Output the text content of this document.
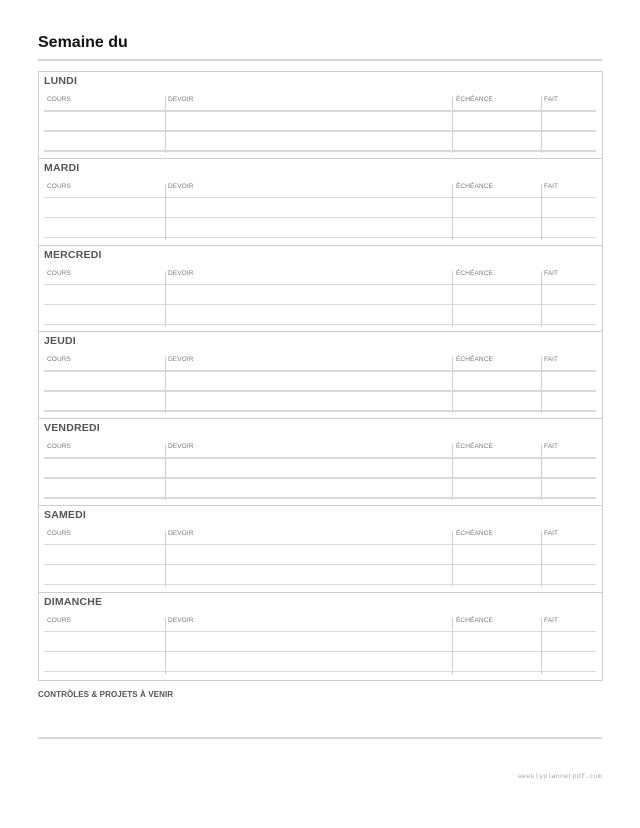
Semaine du
LUNDI
COURS	DEVOIR	ÉCHÉANCE	FAIT
MARDI
COURS	DEVOIR	ÉCHÉANCE	FAIT
MERCREDI
COURS	DEVOIR	ÉCHÉANCE	FAIT
JEUDI
COURS	DEVOIR	ÉCHÉANCE	FAIT
VENDREDI
COURS	DEVOIR	ÉCHÉANCE	FAIT
SAMEDI
COURS	DEVOIR	ÉCHÉANCE	FAIT
DIMANCHE
COURS	DEVOIR	ÉCHÉANCE	FAIT
CONTRÔLES & PROJETS À VENIR
weeklyplannerpdf.com
